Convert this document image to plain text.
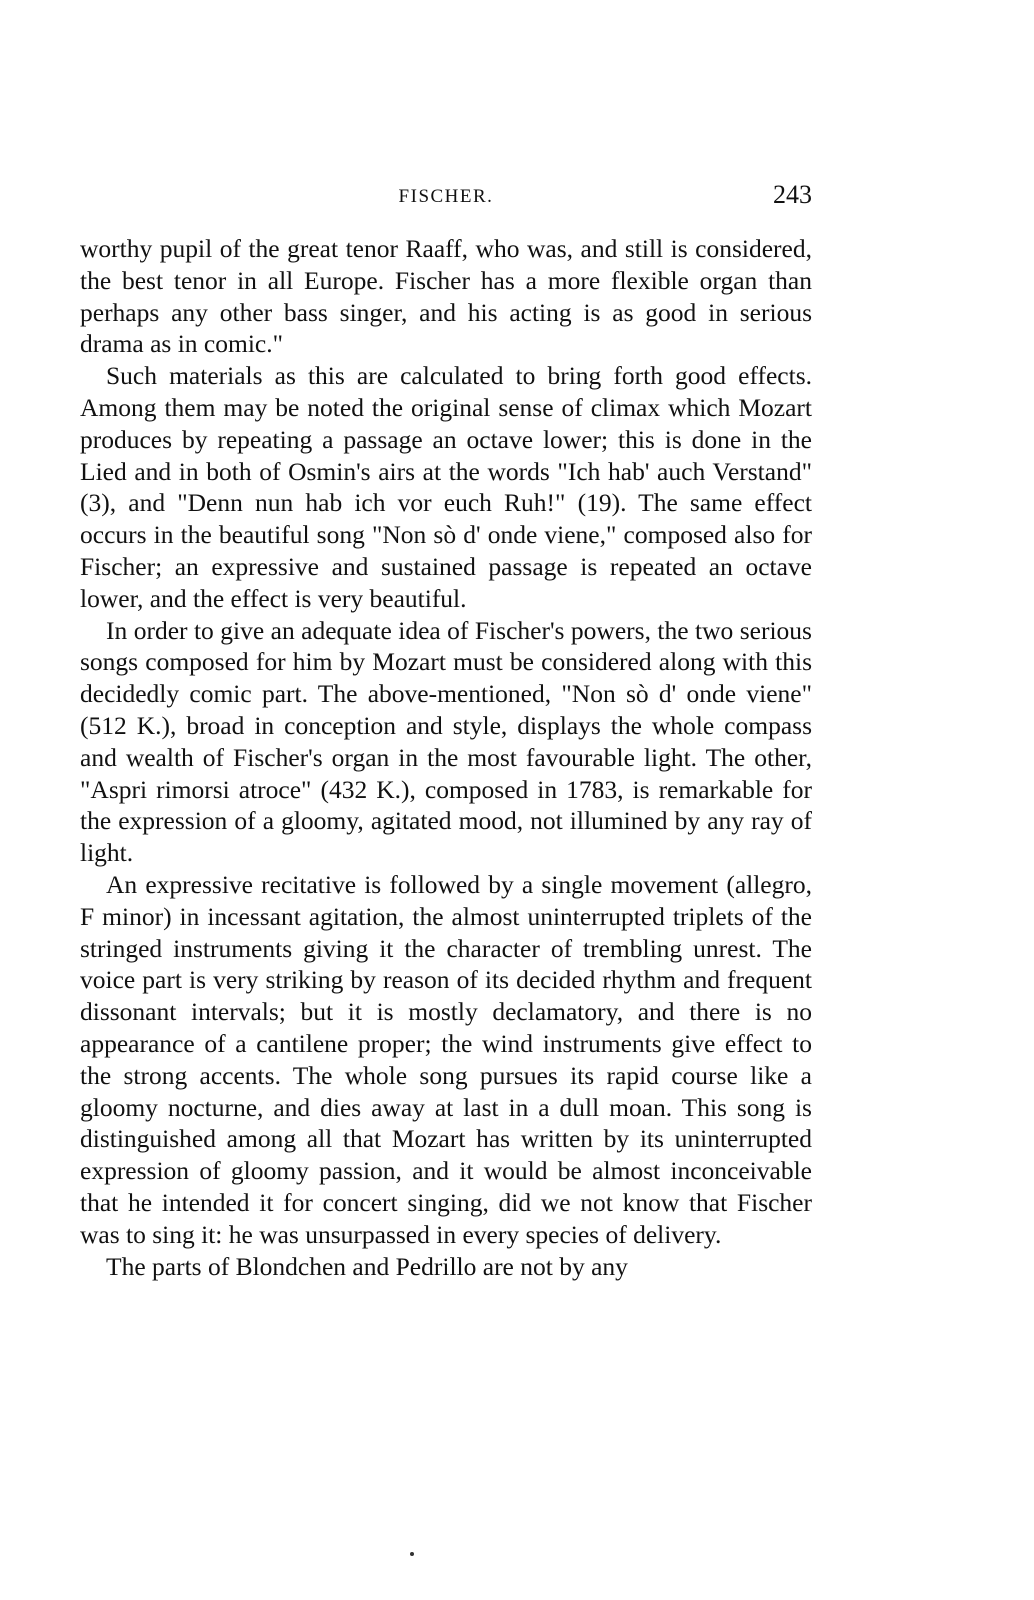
FISCHER.	243

worthy pupil of the great tenor Raaff, who was, and still is considered, the best tenor in all Europe. Fischer has a more flexible organ than perhaps any other bass singer, and his acting is as good in serious drama as in comic."

Such materials as this are calculated to bring forth good effects. Among them may be noted the original sense of climax which Mozart produces by repeating a passage an octave lower; this is done in the Lied and in both of Osmin's airs at the words "Ich hab' auch Verstand" (3), and "Denn nun hab ich vor euch Ruh!" (19). The same effect occurs in the beautiful song "Non sò d' onde viene," composed also for Fischer; an expressive and sustained passage is repeated an octave lower, and the effect is very beautiful.

In order to give an adequate idea of Fischer's powers, the two serious songs composed for him by Mozart must be considered along with this decidedly comic part. The above-mentioned, "Non sò d' onde viene" (512 K.), broad in conception and style, displays the whole compass and wealth of Fischer's organ in the most favourable light. The other, "Aspri rimorsi atroce" (432 K.), composed in 1783, is remarkable for the expression of a gloomy, agitated mood, not illumined by any ray of light.

An expressive recitative is followed by a single movement (allegro, F minor) in incessant agitation, the almost uninterrupted triplets of the stringed instruments giving it the character of trembling unrest. The voice part is very striking by reason of its decided rhythm and frequent dissonant intervals; but it is mostly declamatory, and there is no appearance of a cantilene proper; the wind instruments give effect to the strong accents. The whole song pursues its rapid course like a gloomy nocturne, and dies away at last in a dull moan. This song is distinguished among all that Mozart has written by its uninterrupted expression of gloomy passion, and it would be almost inconceivable that he intended it for concert singing, did we not know that Fischer was to sing it: he was unsurpassed in every species of delivery.

The parts of Blondchen and Pedrillo are not by any
